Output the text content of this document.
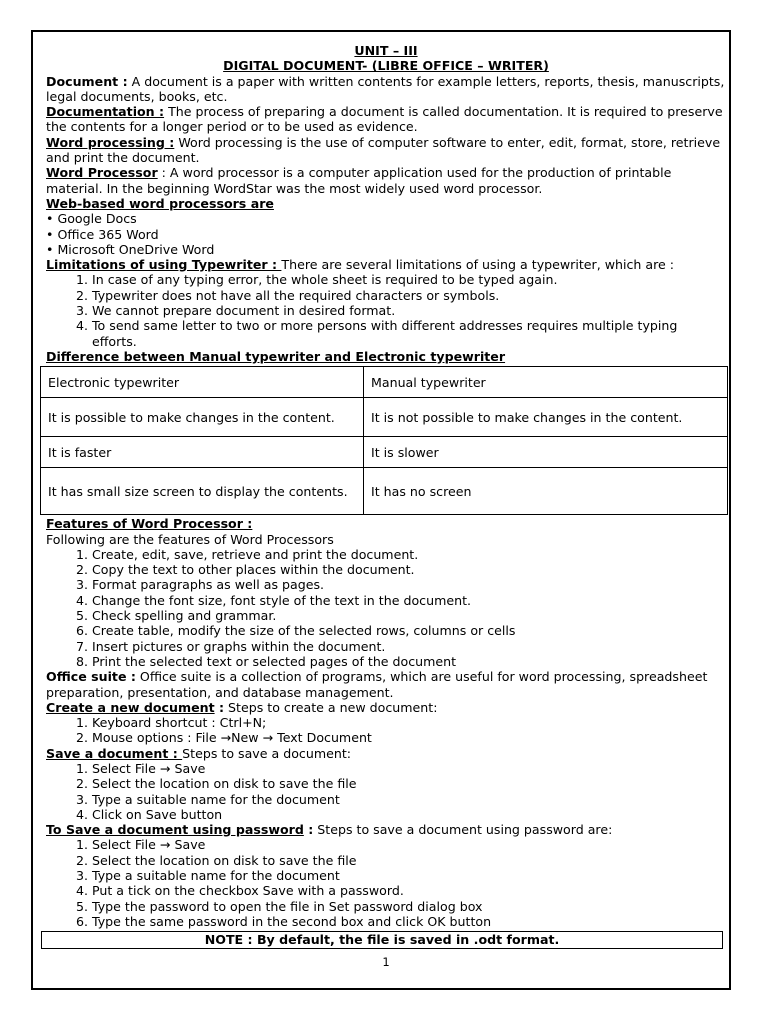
UNIT – III
DIGITAL DOCUMENT- (LIBRE OFFICE – WRITER)

Document : A document is a paper with written contents for example letters, reports, thesis, manuscripts, legal documents, books, etc.

Documentation : The process of preparing a document is called documentation. It is required to preserve the contents for a longer period or to be used as evidence.

Word processing : Word processing is the use of computer software to enter, edit, format, store, retrieve and print the document.

Word Processor : A word processor is a computer application used for the production of printable material. In the beginning WordStar was the most widely used word processor.

Web-based word processors are

• Google Docs
• Office 365 Word
• Microsoft OneDrive Word

Limitations of using Typewriter : There are several limitations of using a typewriter, which are :

1. In case of any typing error, the whole sheet is required to be typed again.
2. Typewriter does not have all the required characters or symbols.
3. We cannot prepare document in desired format.
4. To send same letter to two or more persons with different addresses requires multiple typing efforts.

Difference between Manual typewriter and Electronic typewriter

Electronic typewriter	Manual typewriter
It is possible to make changes in the content.	It is not possible to make changes in the content.
It is faster	It is slower
It has small size screen to display the contents.	It has no screen

Features of Word Processor :

Following are the features of Word Processors

1. Create, edit, save, retrieve and print the document.
2. Copy the text to other places within the document.
3. Format paragraphs as well as pages.
4. Change the font size, font style of the text in the document.
5. Check spelling and grammar.
6. Create table, modify the size of the selected rows, columns or cells
7. Insert pictures or graphs within the document.
8. Print the selected text or selected pages of the document

Office suite : Office suite is a collection of programs, which are useful for word processing, spreadsheet preparation, presentation, and database management.

Create a new document : Steps to create a new document:

1. Keyboard shortcut : Ctrl+N;
2. Mouse options : File →New → Text Document

Save a document : Steps to save a document:

1. Select File → Save
2. Select the location on disk to save the file
3. Type a suitable name for the document
4. Click on Save button

To Save a document using password : Steps to save a document using password are:

1. Select File → Save
2. Select the location on disk to save the file
3. Type a suitable name for the document
4. Put a tick on the checkbox Save with a password.
5. Type the password to open the file in Set password dialog box
6. Type the same password in the second box and click OK button
NOTE : By default, the file is saved in .odt format.
1
